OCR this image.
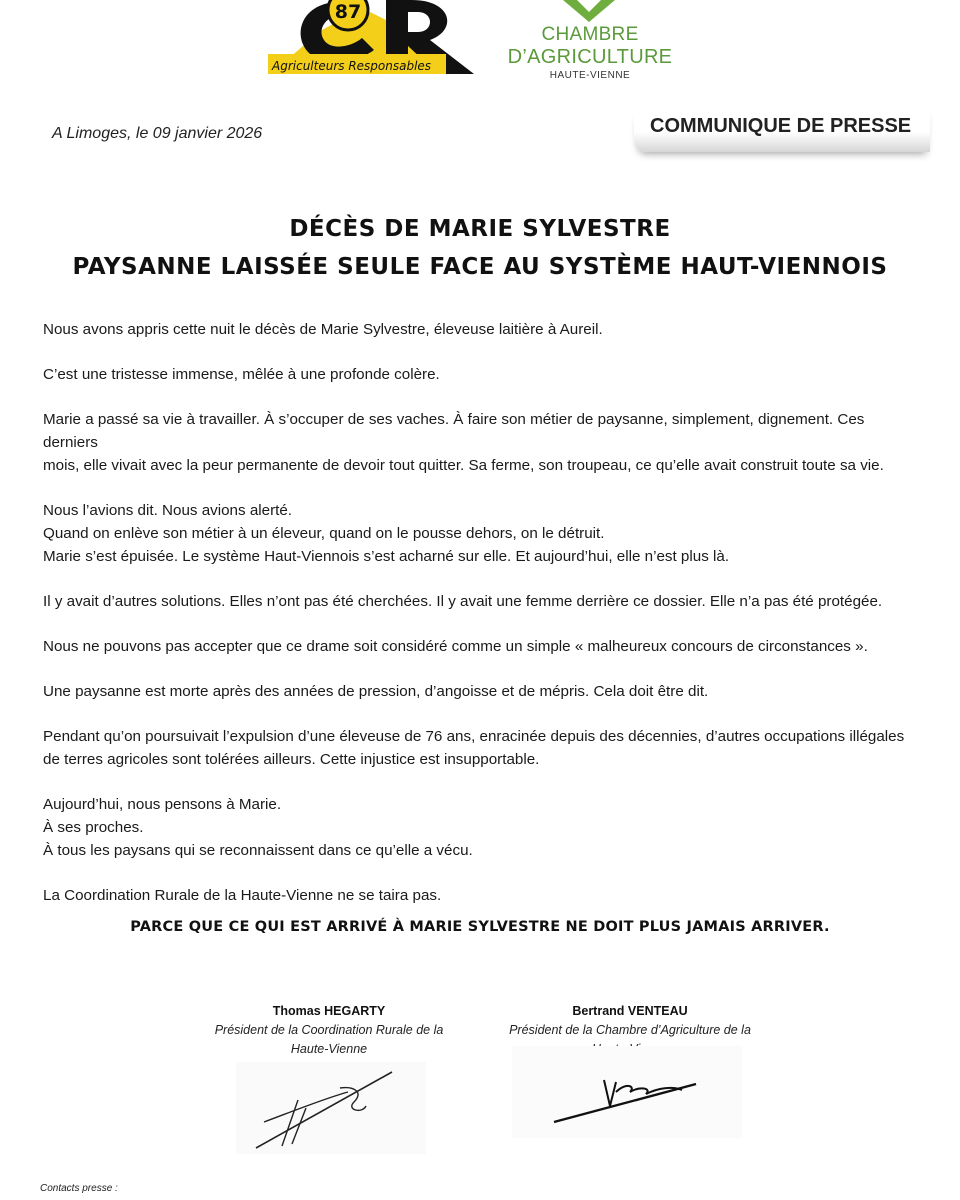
87
Agriculteurs Responsables
CHAMBRE
D’AGRICULTURE
HAUTE-VIENNE
A Limoges, le 09 janvier 2026	COMMUNIQUE DE PRESSE
DÉCÈS DE MARIE SYLVESTRE
PAYSANNE LAISSÉE SEULE FACE AU SYSTÈME HAUT-VIENNOIS

Nous avons appris cette nuit le décès de Marie Sylvestre, éleveuse laitière à Aureil.

C’est une tristesse immense, mêlée à une profonde colère.

Marie a passé sa vie à travailler. À s’occuper de ses vaches. À faire son métier de paysanne, simplement, dignement. Ces derniers
mois, elle vivait avec la peur permanente de devoir tout quitter. Sa ferme, son troupeau, ce qu’elle avait construit toute sa vie.

Nous l’avions dit. Nous avions alerté.
Quand on enlève son métier à un éleveur, quand on le pousse dehors, on le détruit.
Marie s’est épuisée. Le système Haut-Viennois s’est acharné sur elle. Et aujourd’hui, elle n’est plus là.

Il y avait d’autres solutions. Elles n’ont pas été cherchées. Il y avait une femme derrière ce dossier. Elle n’a pas été protégée.

Nous ne pouvons pas accepter que ce drame soit considéré comme un simple « malheureux concours de circonstances ».

Une paysanne est morte après des années de pression, d’angoisse et de mépris. Cela doit être dit.

Pendant qu’on poursuivait l’expulsion d’une éleveuse de 76 ans, enracinée depuis des décennies, d’autres occupations illégales
de terres agricoles sont tolérées ailleurs. Cette injustice est insupportable.

Aujourd’hui, nous pensons à Marie.
À ses proches.
À tous les paysans qui se reconnaissent dans ce qu’elle a vécu.

La Coordination Rurale de la Haute-Vienne ne se taira pas.

PARCE QUE CE QUI EST ARRIVÉ À MARIE SYLVESTRE NE DOIT PLUS JAMAIS ARRIVER.
Thomas HEGARTY
Président de la Coordination Rurale de la
Haute-Vienne
Bertrand VENTEAU
Président de la Chambre d’Agriculture de la
Contacts presse :
